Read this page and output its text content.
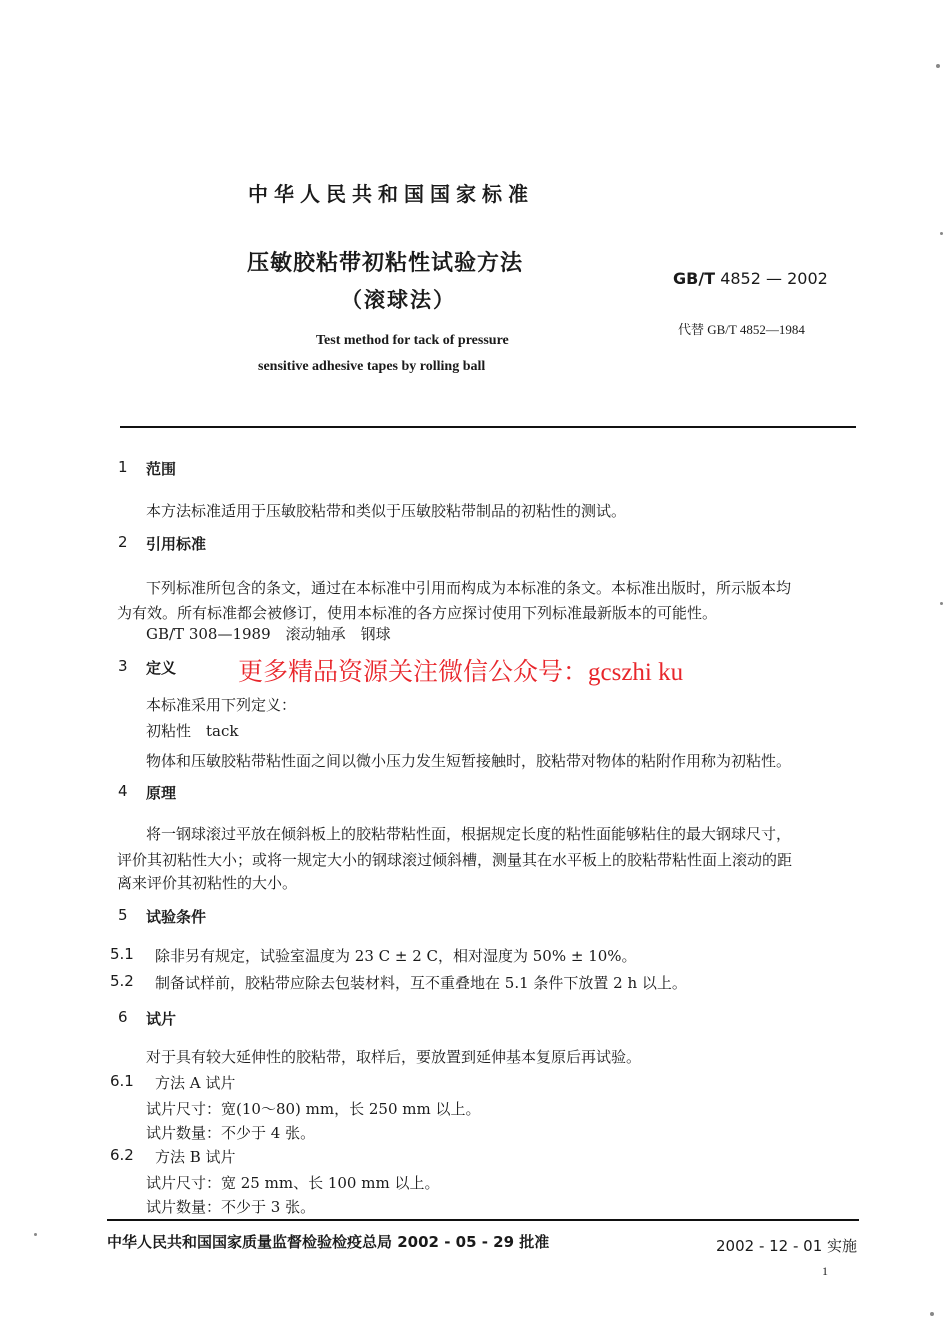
中华人民共和国国家标准
压敏胶粘带初粘性试验方法
（滚球法）
Test method for tack of pressure
sensitive adhesive tapes by rolling ball
GB/T 4852 — 2002
代替 GB/T 4852—1984
1 范围
本方法标准适用于压敏胶粘带和类似于压敏胶粘带制品的初粘性的测试。
2 引用标准
下列标准所包含的条文，通过在本标准中引用而构成为本标准的条文。本标准出版时，所示版本均
为有效。所有标准都会被修订，使用本标准的各方应探讨使用下列标准最新版本的可能性。
GB/T 308—1989　滚动轴承　钢球
3 定义 更多精品资源关注微信公众号：gcszhi ku
本标准采用下列定义：
初粘性　tack
物体和压敏胶粘带粘性面之间以微小压力发生短暂接触时，胶粘带对物体的粘附作用称为初粘性。
4 原理
将一钢球滚过平放在倾斜板上的胶粘带粘性面，根据规定长度的粘性面能够粘住的最大钢球尺寸，
评价其初粘性大小；或将一规定大小的钢球滚过倾斜槽，测量其在水平板上的胶粘带粘性面上滚动的距
离来评价其初粘性的大小。
5 试验条件
5.1 除非另有规定，试验室温度为 23 C ± 2 C，相对湿度为 50% ± 10%。
5.2 制备试样前，胶粘带应除去包装材料，互不重叠地在 5.1 条件下放置 2 h 以上。
6 试片
对于具有较大延伸性的胶粘带，取样后，要放置到延伸基本复原后再试验。
6.1 方法 A 试片
试片尺寸：宽(10～80) mm，长 250 mm 以上。
试片数量：不少于 4 张。
6.2 方法 B 试片
试片尺寸：宽 25 mm、长 100 mm 以上。
试片数量：不少于 3 张。
中华人民共和国国家质量监督检验检疫总局 2002 - 05 - 29 批准	2002 - 12 - 01 实施
1
